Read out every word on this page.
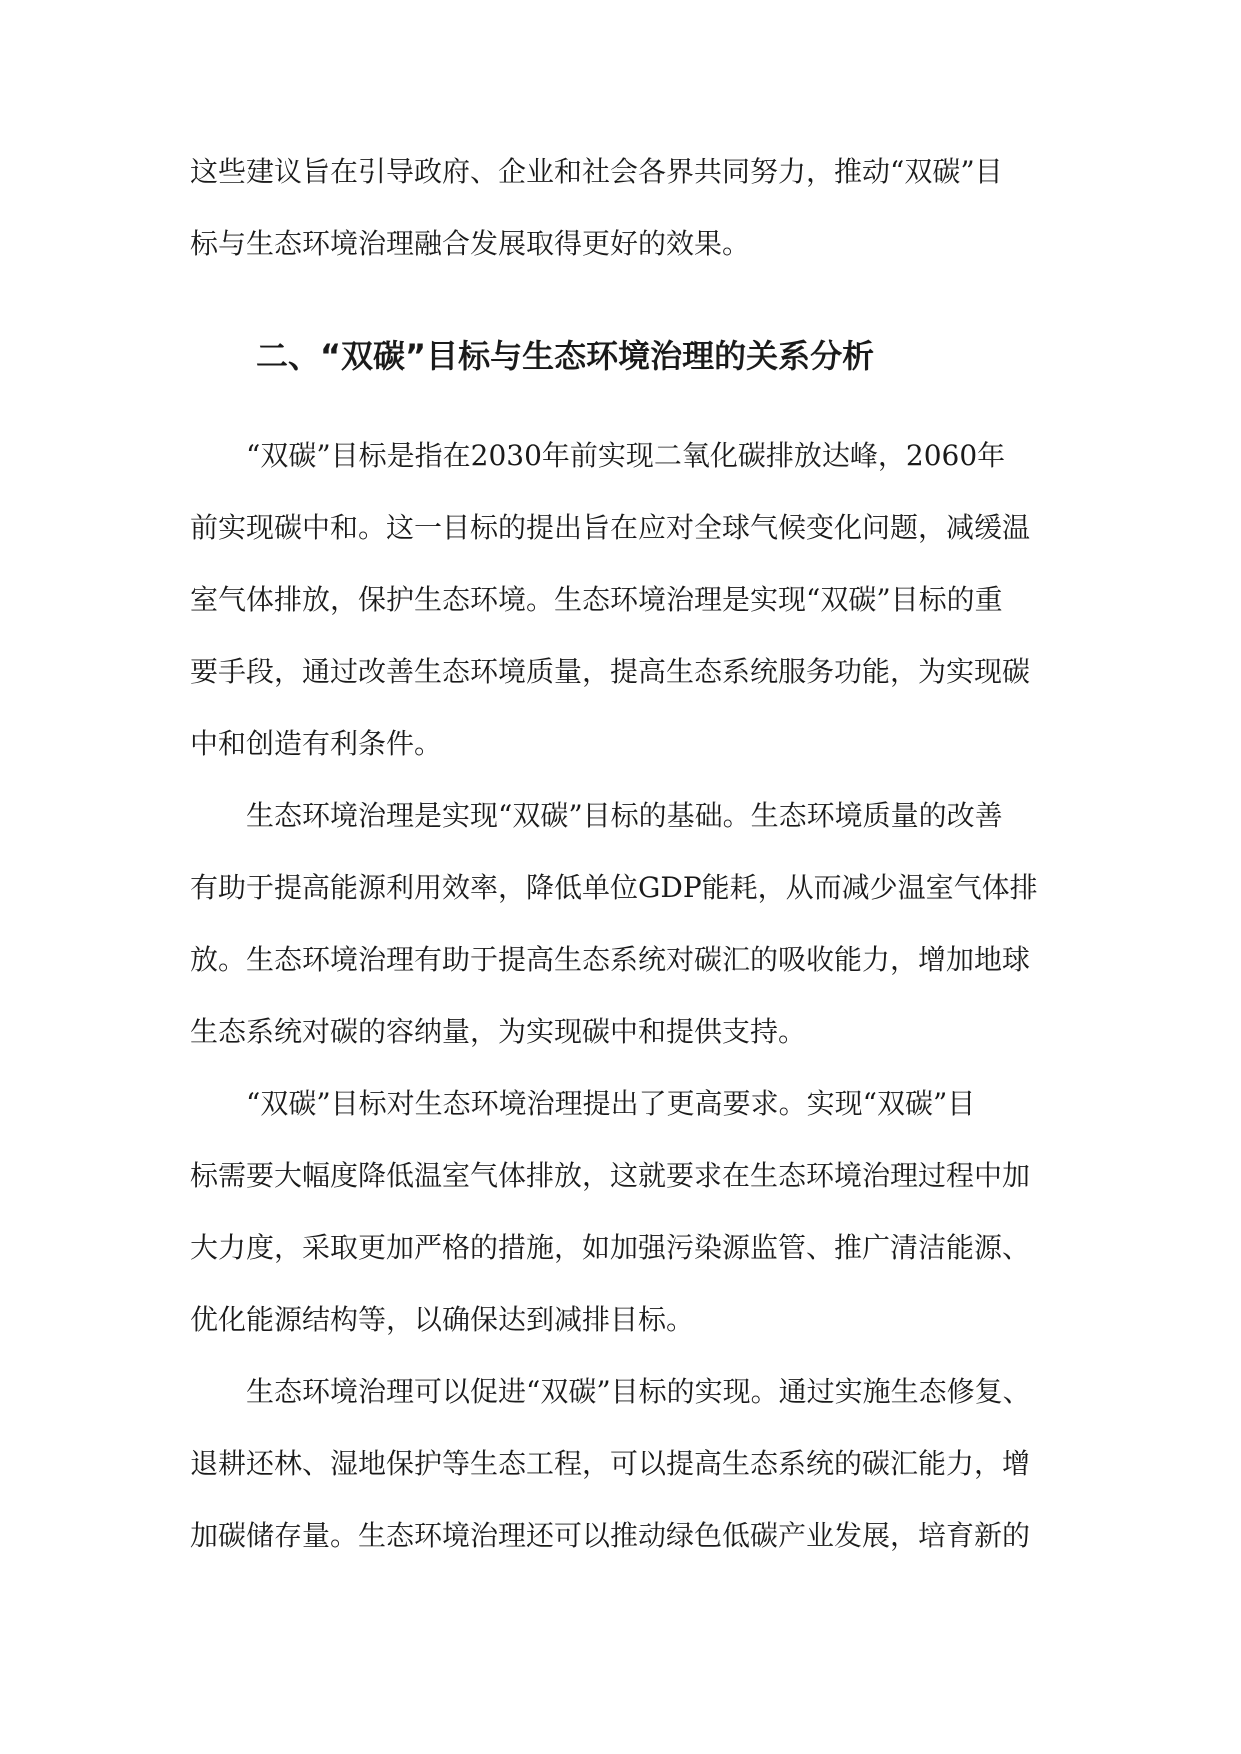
这些建议旨在引导政府、企业和社会各界共同努力，推动“双碳”目
标与生态环境治理融合发展取得更好的效果。
二、“双碳”目标与生态环境治理的关系分析
“双碳”目标是指在2030年前实现二氧化碳排放达峰，2060年
前实现碳中和。这一目标的提出旨在应对全球气候变化问题，减缓温
室气体排放，保护生态环境。生态环境治理是实现“双碳”目标的重
要手段，通过改善生态环境质量，提高生态系统服务功能，为实现碳
中和创造有利条件。
生态环境治理是实现“双碳”目标的基础。生态环境质量的改善
有助于提高能源利用效率，降低单位GDP能耗，从而减少温室气体排
放。生态环境治理有助于提高生态系统对碳汇的吸收能力，增加地球
生态系统对碳的容纳量，为实现碳中和提供支持。
“双碳”目标对生态环境治理提出了更高要求。实现“双碳”目
标需要大幅度降低温室气体排放，这就要求在生态环境治理过程中加
大力度，采取更加严格的措施，如加强污染源监管、推广清洁能源、
优化能源结构等，以确保达到减排目标。
生态环境治理可以促进“双碳”目标的实现。通过实施生态修复、
退耕还林、湿地保护等生态工程，可以提高生态系统的碳汇能力，增
加碳储存量。生态环境治理还可以推动绿色低碳产业发展，培育新的
